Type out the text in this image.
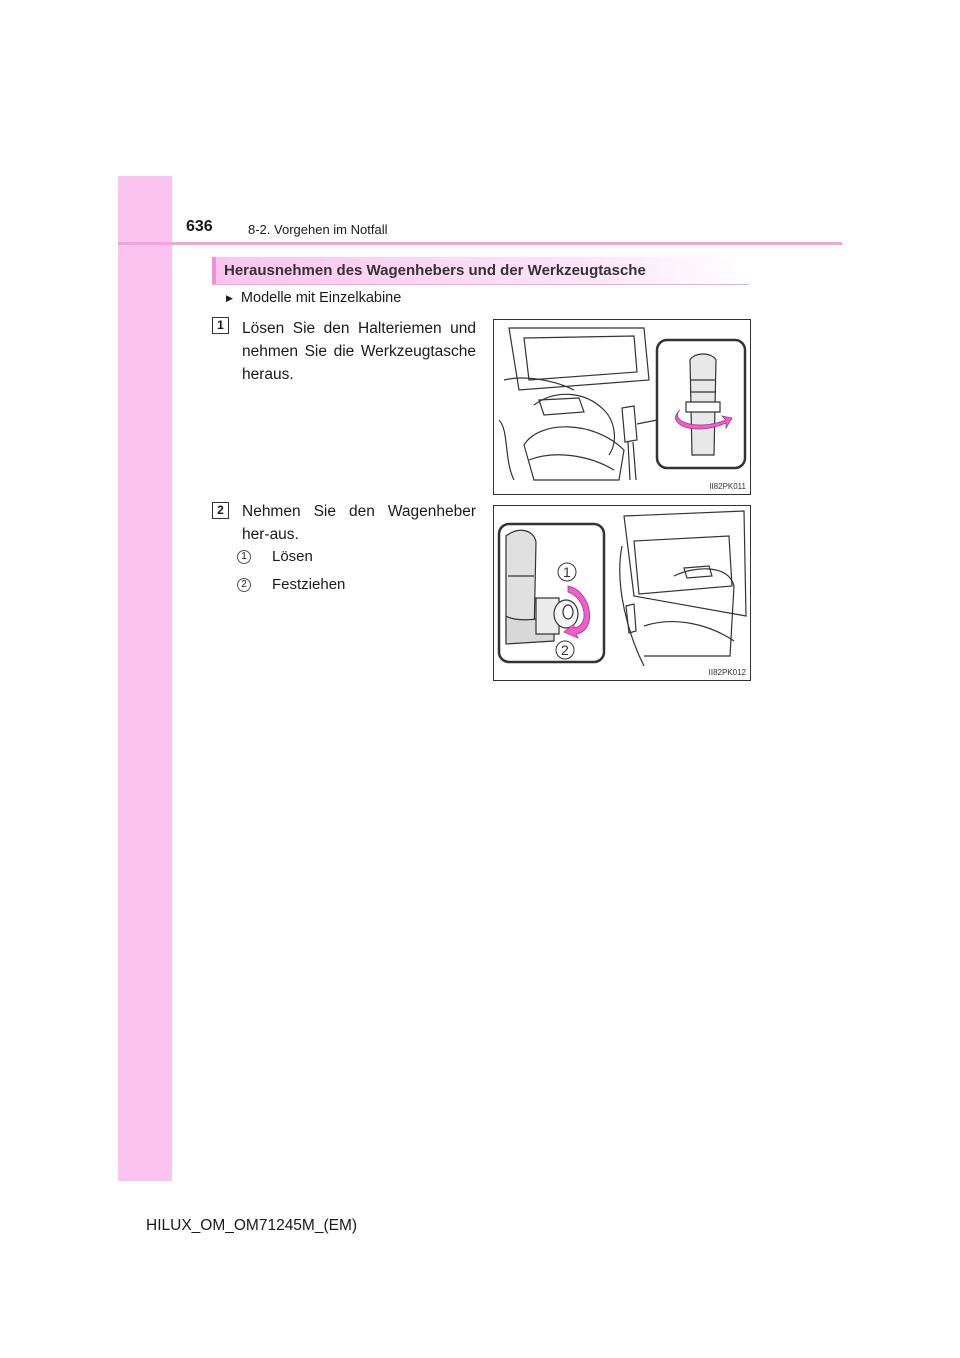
636	8-2. Vorgehen im Notfall
Herausnehmen des Wagenhebers und der Werkzeugtasche
▶ Modelle mit Einzelkabine
1	Lösen Sie den Halteriemen und nehmen Sie die Werkzeugtasche heraus.
II82PK011
2	Nehmen Sie den Wagenheber her-aus.
1 Lösen
2 Festziehen
1
2
II82PK012
HILUX_OM_OM71245M_(EM)
